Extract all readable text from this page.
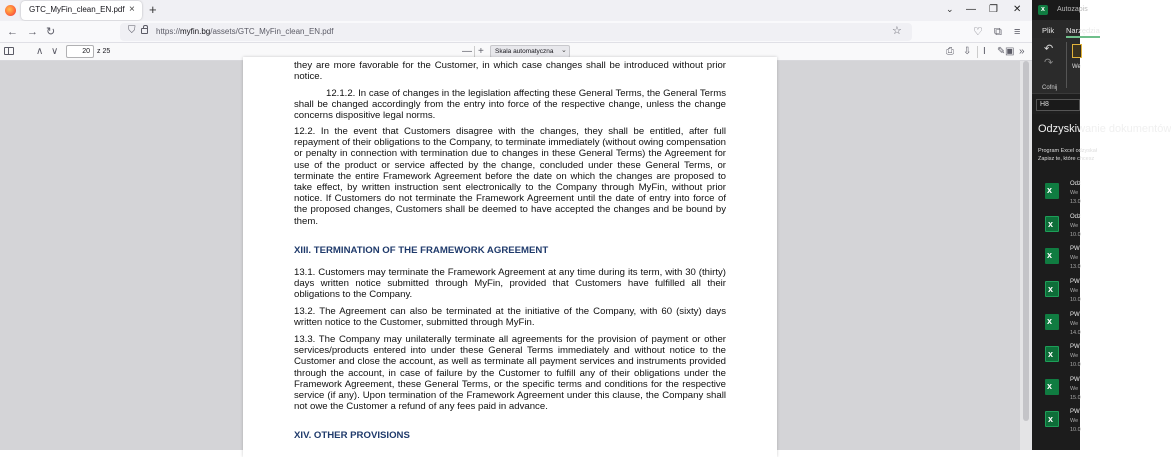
GTC_MyFin_clean_EN.pdf × +	⌄ — ❐ ✕
← → ↻	⛉	https://myfin.bg/assets/GTC_MyFin_clean_EN.pdf	☆	♡ ⧉ ≡
∧ ∨
20	z 25	— + Skala automatyczna ⌄	⎙ ⇩ I ✎ ▣ »

they are more favorable for the Customer, in which case changes shall be introduced without prior notice.

12.1.2. In case of changes in the legislation affecting these General Terms, the General Terms shall be changed accordingly from the entry into force of the respective change, unless the change concerns dispositive legal norms.

12.2. In the event that Customers disagree with the changes, they shall be entitled, after full repayment of their obligations to the Company, to terminate immediately (without owing compensation or penalty in connection with termination due to changes in these General Terms) the Agreement for use of the product or service affected by the change, concluded under these General Terms, or terminate the entire Framework Agreement before the date on which the changes are proposed to take effect, by written instruction sent electronically to the Company through MyFin, without prior notice. If Customers do not terminate the Framework Agreement until the date of entry into force of the proposed changes, Customers shall be deemed to have accepted the changes and be bound by them.

XIII. TERMINATION OF THE FRAMEWORK AGREEMENT

13.1. Customers may terminate the Framework Agreement at any time during its term, with 30 (thirty) days written notice submitted through MyFin, provided that Customers have fulfilled all their obligations to the Company.

13.2. The Agreement can also be terminated at the initiative of the Company, with 60 (sixty) days written notice to the Customer, submitted through MyFin.

13.3. The Company may unilaterally terminate all agreements for the provision of payment or other services/products entered into under these General Terms immediately and without notice to the Customer and close the account, as well as terminate all payment services and instruments provided through the account, in case of failure by the Customer to fulfill any of their obligations under the Framework Agreement, these General Terms, or the specific terms and conditions for the respective service (if any). Upon termination of the Framework Agreement under this clause, the Company shall not owe the Customer a refund of any fees paid in advance.

XIV. OTHER PROVISIONS
x	Autozapis
Plik Narzędzia
↶
↷
Cofnij
We
H8
Odzyskiwanie dokumentów
Program Excel odzyskał
Zapisz te, które chcesz
x
Odz
We
13.0
x
Odz
We
10.0
x
PW
We
13.0
x
PW
We
10.0
x
PW
We
14.0
x
PW
We
10.0
x
PW
We
15.0
x
PW
We
10.0
